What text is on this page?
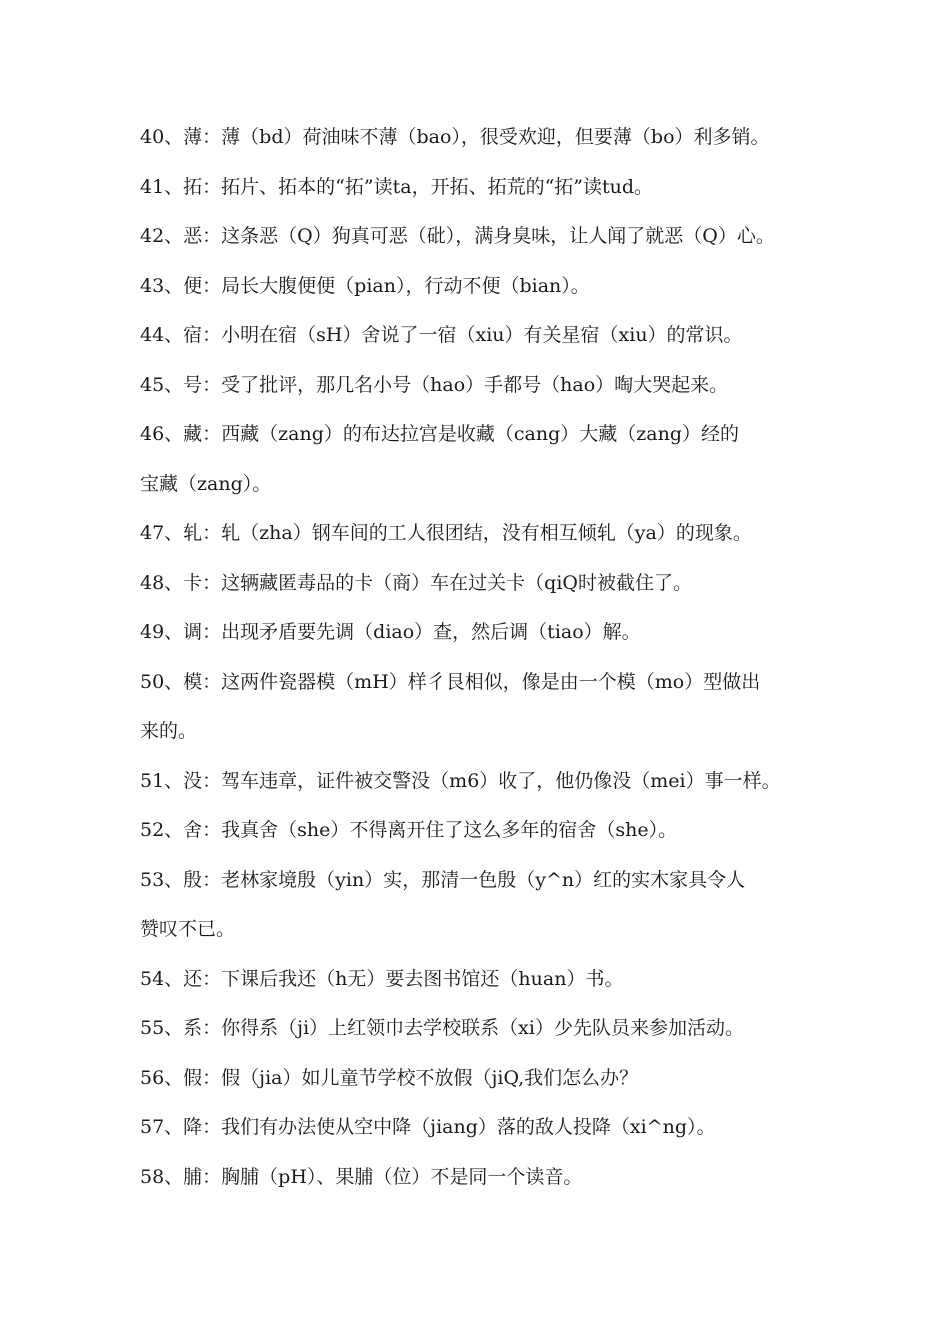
40、薄：薄（bd）荷油味不薄（bao），很受欢迎，但要薄（bo）利多销。
41、拓：拓片、拓本的“拓”读ta，开拓、拓荒的“拓”读tud。
42、恶：这条恶（Q）狗真可恶（砒），满身臭味，让人闻了就恶（Q）心。
43、便：局长大腹便便（pian），行动不便（bian）。
44、宿：小明在宿（sH）舍说了一宿（xiu）有关星宿（xiu）的常识。
45、号：受了批评，那几名小号（hao）手都号（hao）啕大哭起来。
46、藏：西藏（zang）的布达拉宫是收藏（cang）大藏（zang）经的
宝藏（zang）。
47、轧：轧（zha）钢车间的工人很团结，没有相互倾轧（ya）的现象。
48、卡：这辆藏匿毒品的卡（商）车在过关卡（qiQ时被截住了。
49、调：出现矛盾要先调（diao）查，然后调（tiao）解。
50、模：这两件瓷器模（mH）样彳艮相似，像是由一个模（mo）型做出
来的。
51、没：驾车违章，证件被交警没（m6）收了，他仍像没（mei）事一样。
52、舍：我真舍（she）不得离开住了这么多年的宿舍（she）。
53、殷：老林家境殷（yin）实，那清一色殷（y^n）红的实木家具令人
赞叹不已。
54、还：下课后我还（h无）要去图书馆还（huan）书。
55、系：你得系（ji）上红领巾去学校联系（xi）少先队员来参加活动。
56、假：假（jia）如儿童节学校不放假（jiQ,我们怎么办？
57、降：我们有办法使从空中降（jiang）落的敌人投降（xi^ng）。
58、脯：胸脯（pH）、果脯（位）不是同一个读音。
